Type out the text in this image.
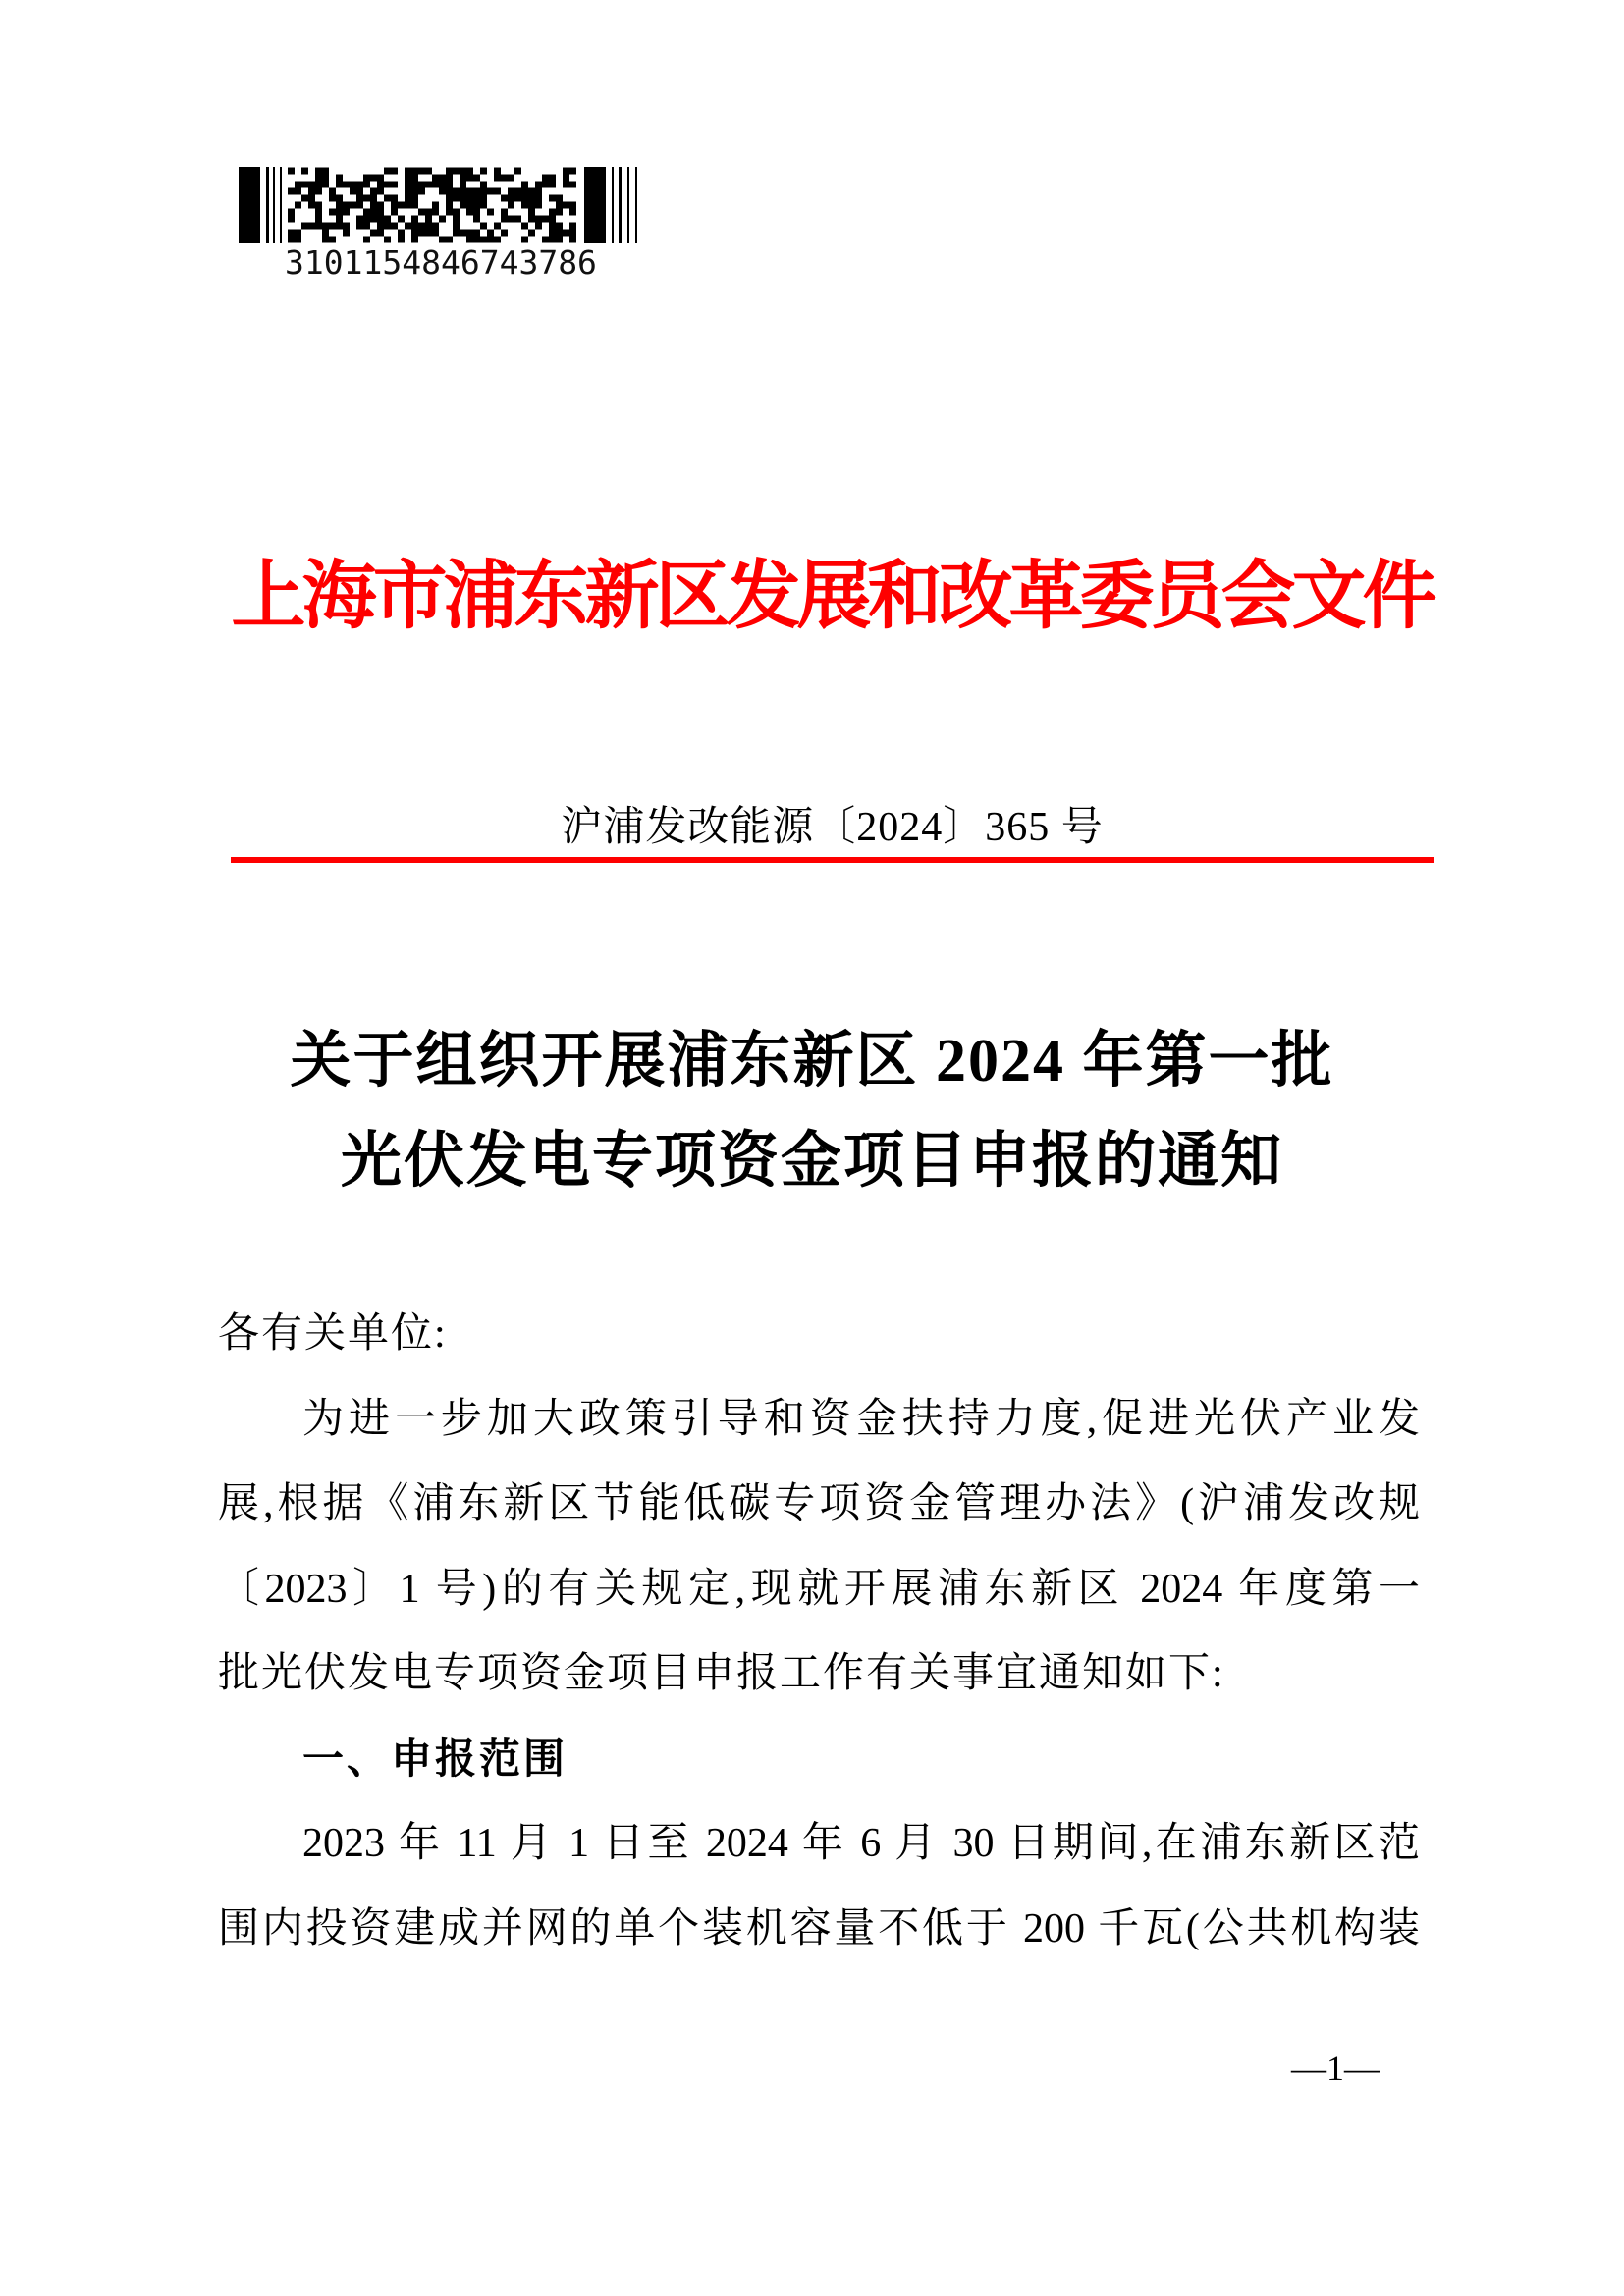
3101154846743786
上海市浦东新区发展和改革委员会文件
沪浦发改能源〔2024〕365 号
关于组织开展浦东新区 2024 年第一批
光伏发电专项资金项目申报的通知
各有关单位:
为进一步加大政策引导和资金扶持力度,促进光伏产业发
展,根据《浦东新区节能低碳专项资金管理办法》(沪浦发改规
〔2023〕1 号)的有关规定,现就开展浦东新区 2024 年度第一
批光伏发电专项资金项目申报工作有关事宜通知如下:
一、申报范围
2023 年 11 月 1 日至 2024 年 6 月 30 日期间,在浦东新区范
围内投资建成并网的单个装机容量不低于 200 千瓦(公共机构装
—1—
